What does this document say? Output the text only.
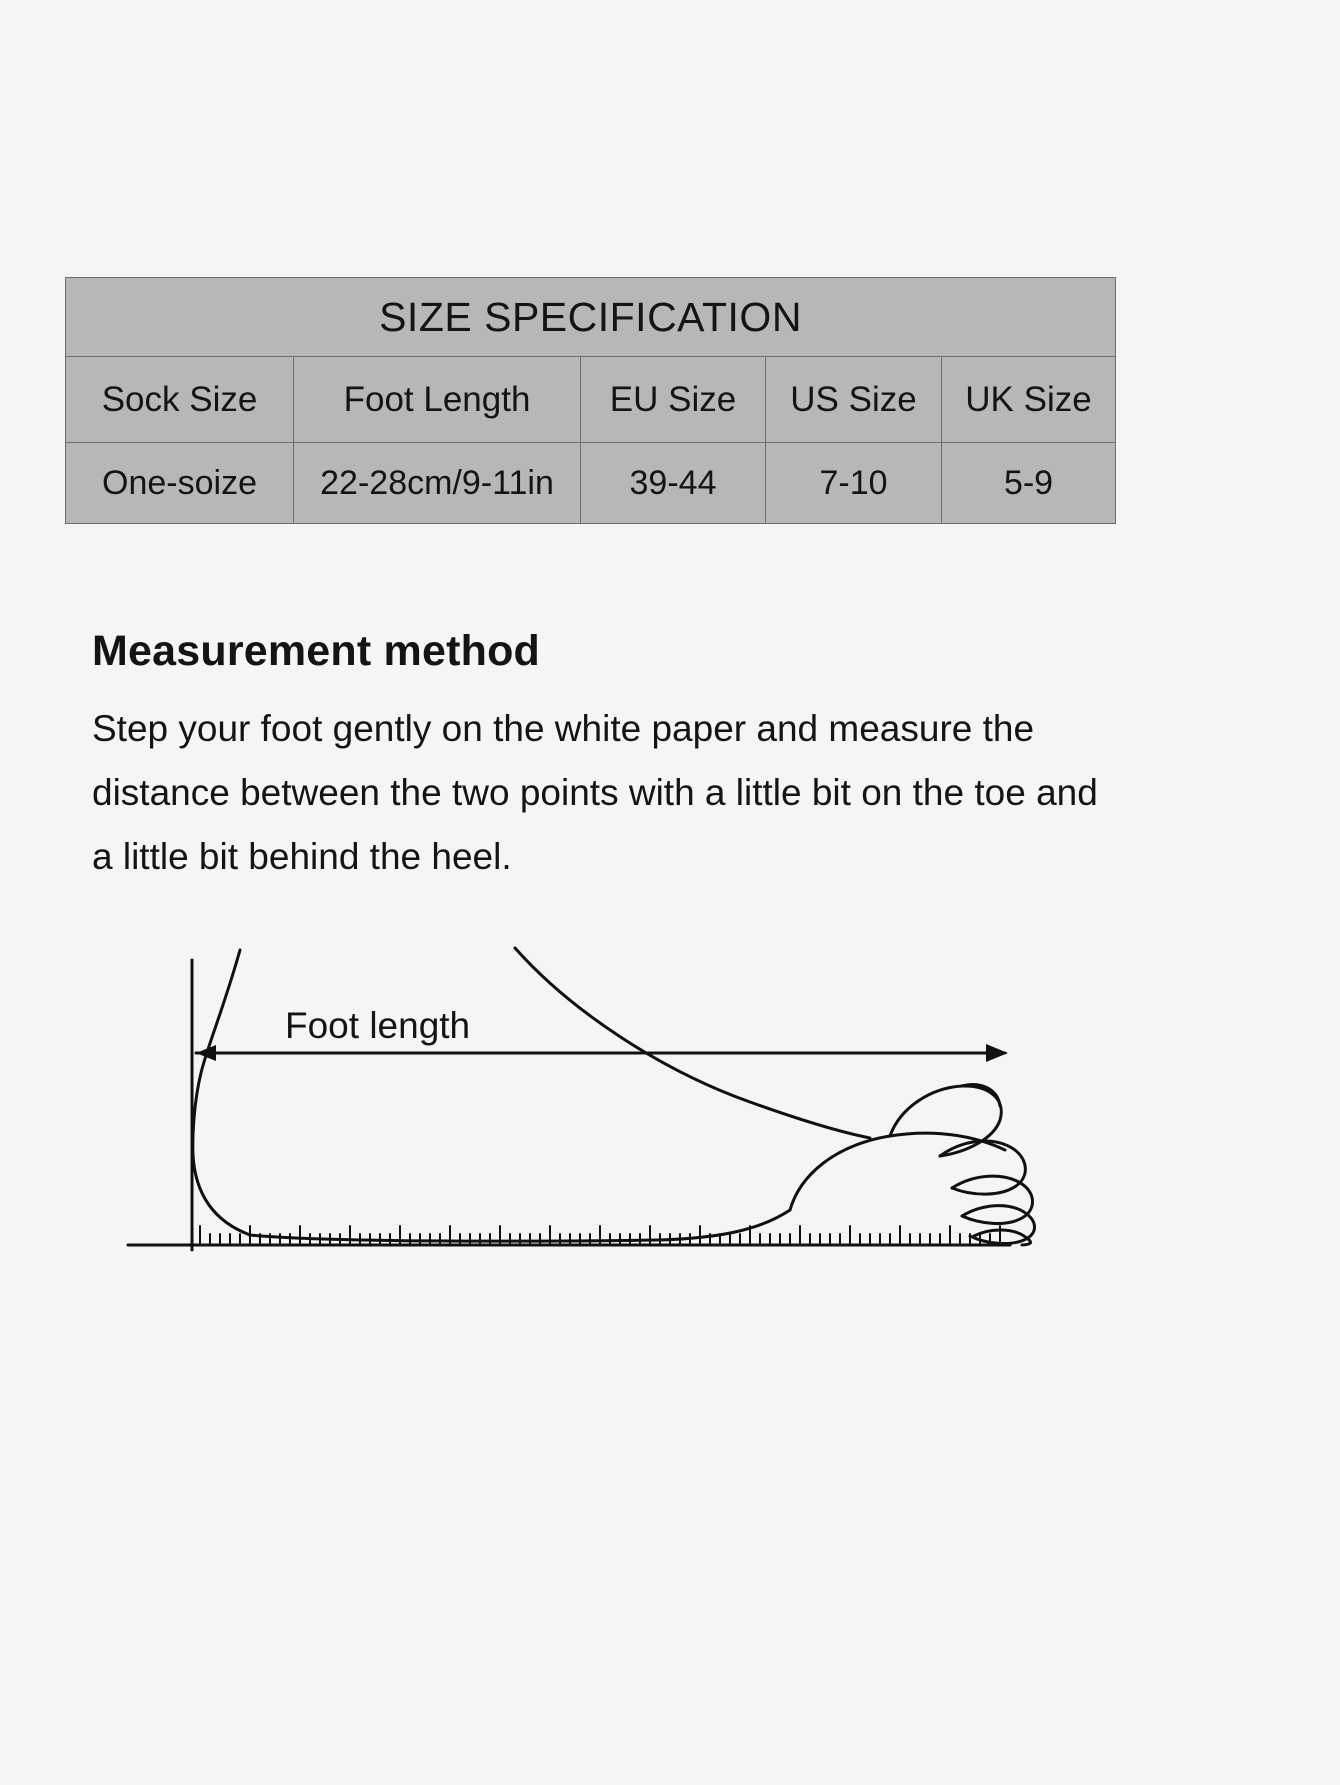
SIZE SPECIFICATION				
Sock Size	Foot Length	EU Size	US Size	UK Size
One-soize	22-28cm/9-11in	39-44	7-10	5-9
Measurement method
Step your foot gently on the white paper and measure the distance between the two points with a little bit on the toe and a little bit behind the heel.
Foot length
